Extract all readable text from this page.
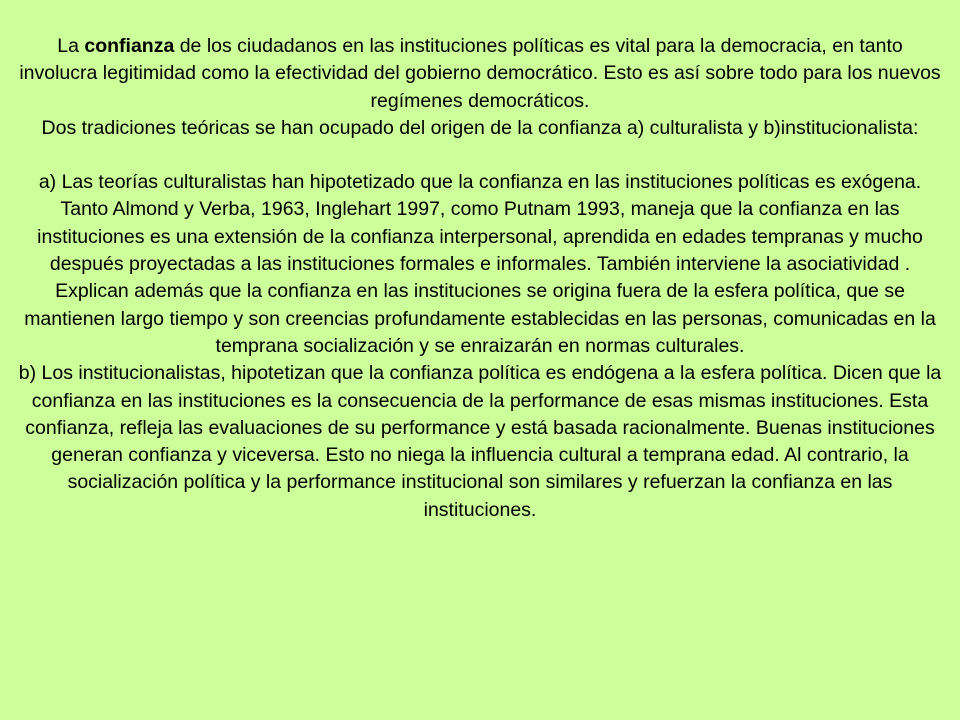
La confianza de los ciudadanos en las instituciones políticas es vital para la democracia, en tanto involucra legitimidad como la efectividad del gobierno democrático. Esto es así sobre todo para los nuevos regímenes democráticos.

Dos tradiciones teóricas se han ocupado del origen de la confianza a) culturalista y b)institucionalista:

a) Las teorías culturalistas han hipotetizado que la confianza en las instituciones políticas es exógena. Tanto Almond y Verba, 1963, Inglehart 1997, como Putnam 1993, maneja que la confianza en las instituciones es una extensión de la confianza interpersonal, aprendida en edades tempranas y mucho después proyectadas a las instituciones formales e informales. También interviene la asociatividad . Explican además que la confianza en las instituciones se origina fuera de la esfera política, que se mantienen largo tiempo y son creencias profundamente establecidas en las personas, comunicadas en la temprana socialización y se enraizarán en normas culturales.

b) Los institucionalistas, hipotetizan que la confianza política es endógena a la esfera política. Dicen que la confianza en las instituciones es la consecuencia de la performance de esas mismas instituciones. Esta confianza, refleja las evaluaciones de su performance y está basada racionalmente. Buenas instituciones generan confianza y viceversa. Esto no niega la influencia cultural a temprana edad. Al contrario, la socialización política y la performance institucional son similares y refuerzan la confianza en las instituciones.
